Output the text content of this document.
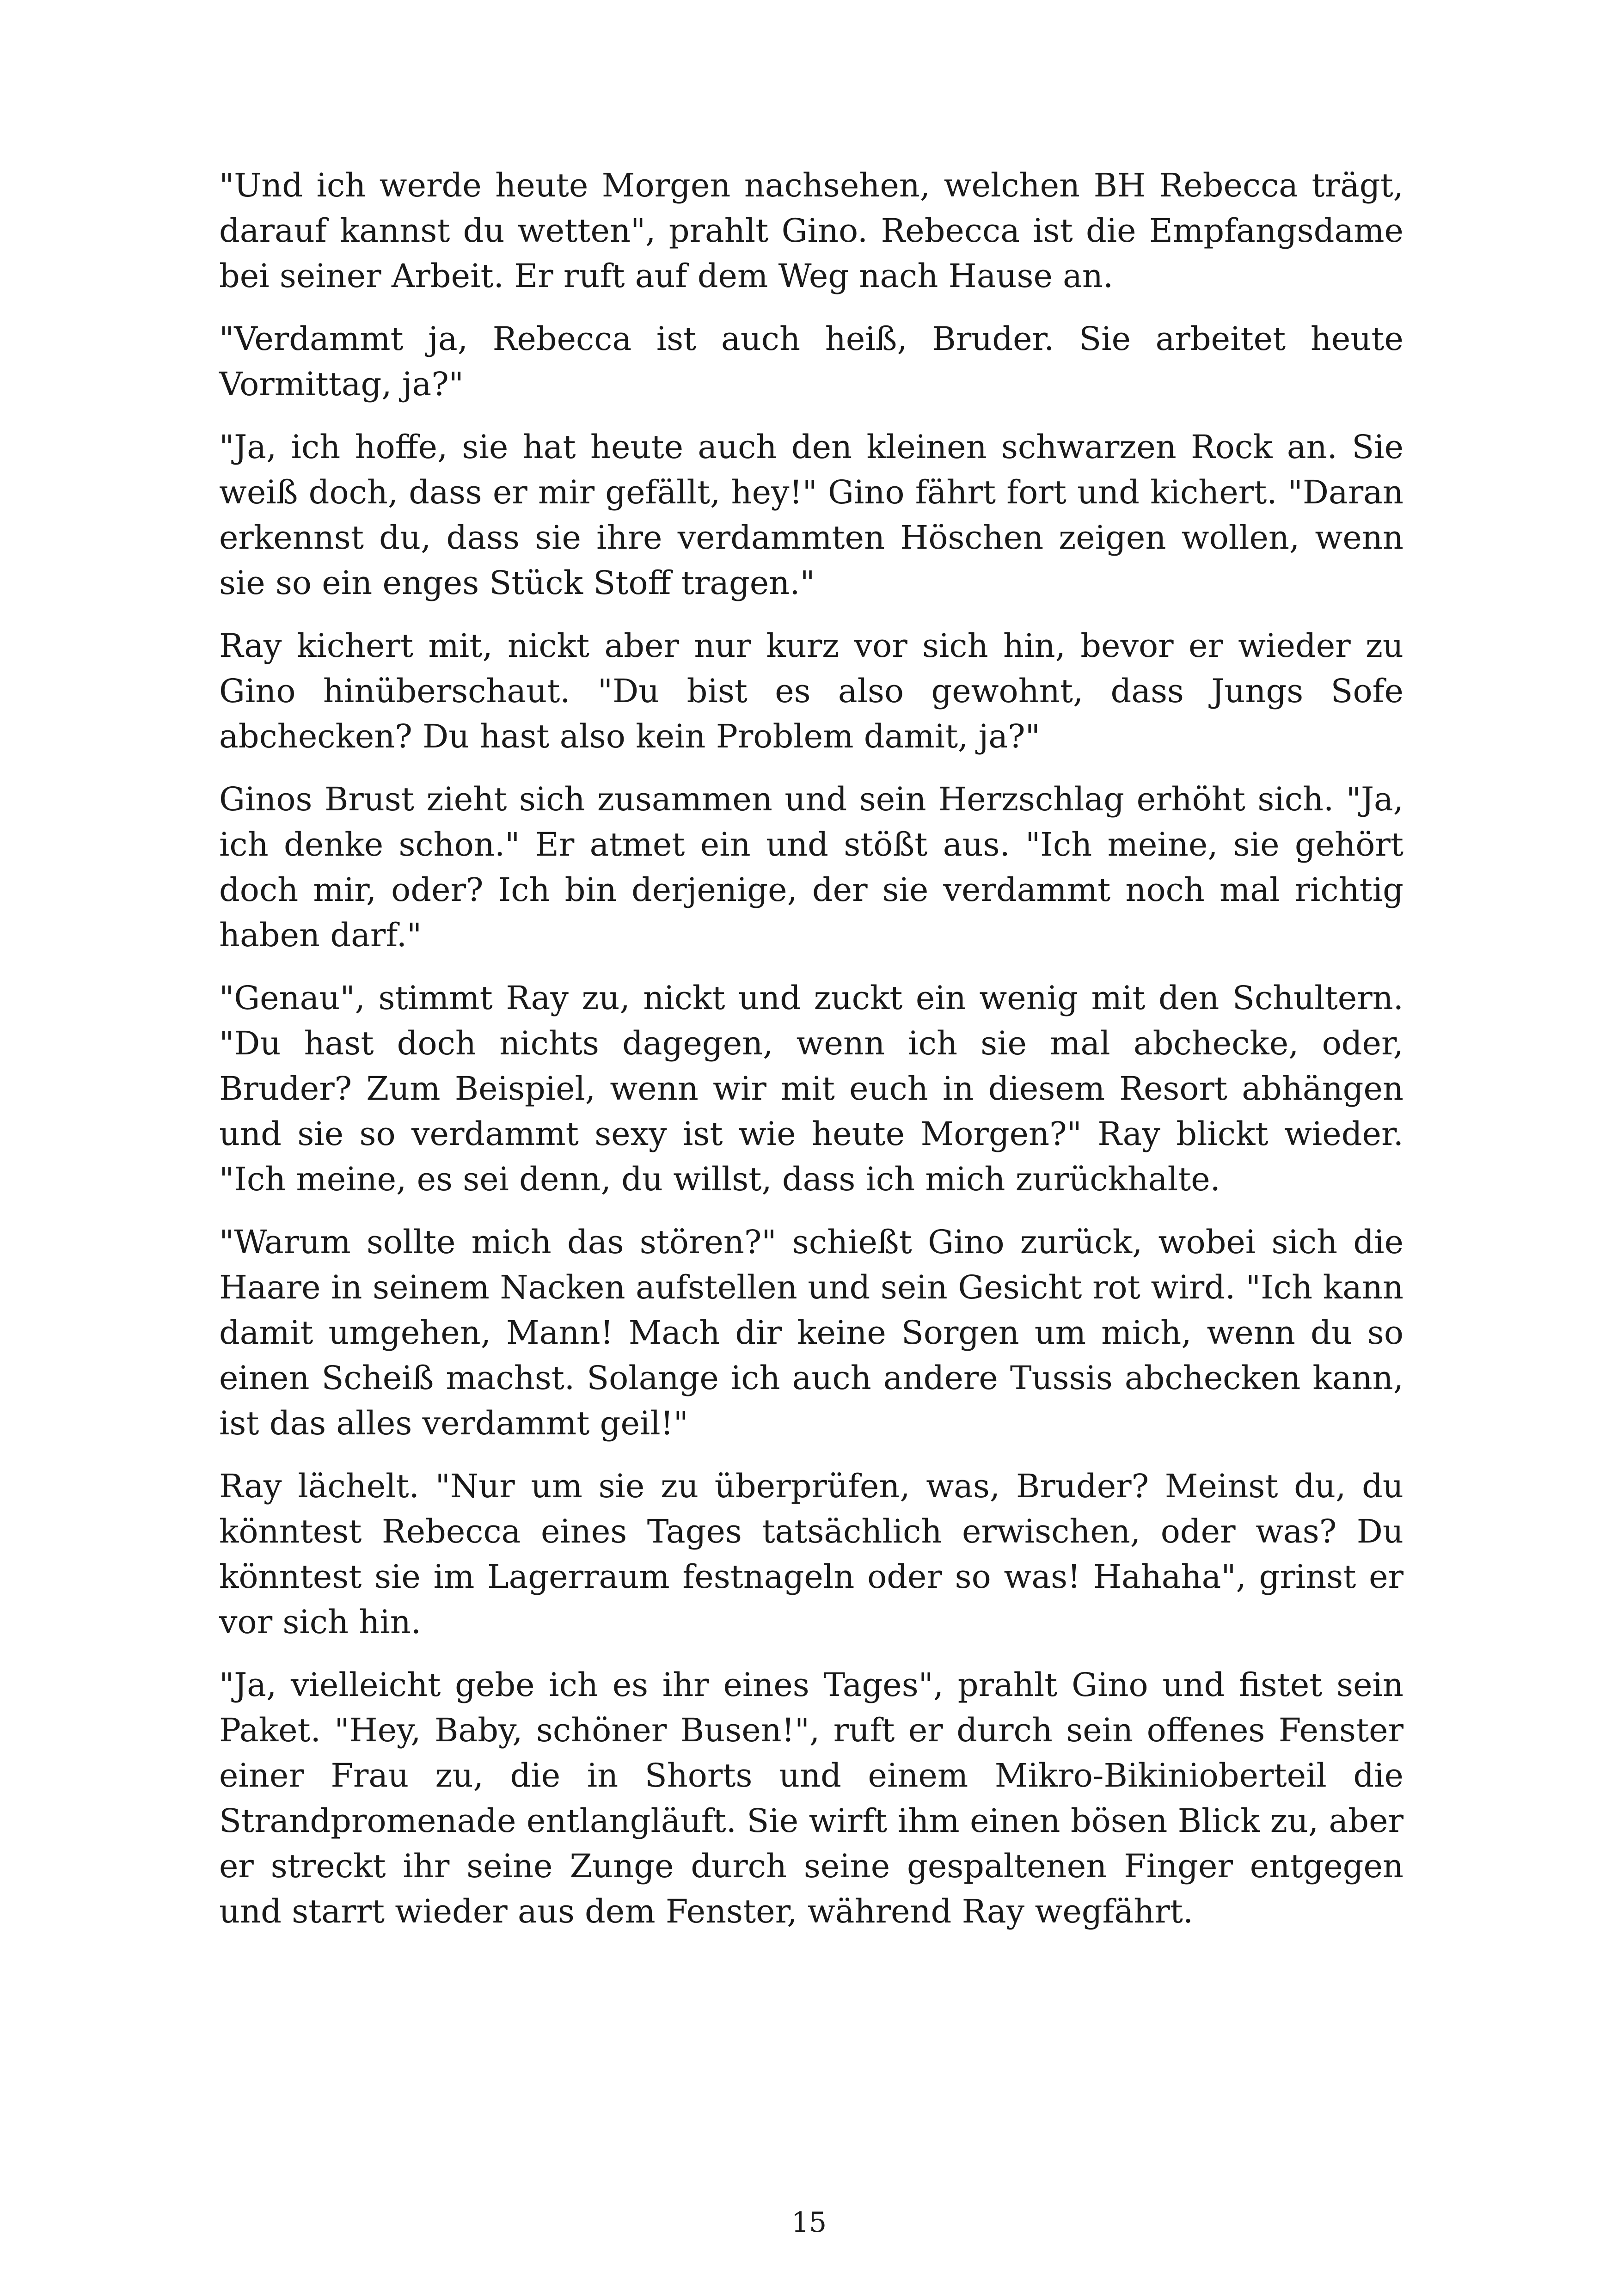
"Und ich werde heute Morgen nachsehen, welchen BH Rebecca trägt, darauf kannst du wetten", prahlt Gino. Rebecca ist die Empfangsdame bei seiner Arbeit. Er ruft auf dem Weg nach Hause an.

"Verdammt ja, Rebecca ist auch heiß, Bruder. Sie arbeitet heute Vormittag, ja?"

"Ja, ich hoffe, sie hat heute auch den kleinen schwarzen Rock an. Sie weiß doch, dass er mir gefällt, hey!" Gino fährt fort und kichert. "Daran erkennst du, dass sie ihre verdammten Höschen zeigen wollen, wenn sie so ein enges Stück Stoff tragen."

Ray kichert mit, nickt aber nur kurz vor sich hin, bevor er wieder zu Gino hinüberschaut. "Du bist es also gewohnt, dass Jungs Sofe abchecken? Du hast also kein Problem damit, ja?"

Ginos Brust zieht sich zusammen und sein Herzschlag erhöht sich. "Ja, ich denke schon." Er atmet ein und stößt aus. "Ich meine, sie gehört doch mir, oder? Ich bin derjenige, der sie verdammt noch mal richtig haben darf."

"Genau", stimmt Ray zu, nickt und zuckt ein wenig mit den Schultern. "Du hast doch nichts dagegen, wenn ich sie mal abchecke, oder, Bruder? Zum Beispiel, wenn wir mit euch in diesem Resort abhängen und sie so verdammt sexy ist wie heute Morgen?" Ray blickt wieder. "Ich meine, es sei denn, du willst, dass ich mich zurückhalte.

"Warum sollte mich das stören?" schießt Gino zurück, wobei sich die Haare in seinem Nacken aufstellen und sein Gesicht rot wird. "Ich kann damit umgehen, Mann! Mach dir keine Sorgen um mich, wenn du so einen Scheiß machst. Solange ich auch andere Tussis abchecken kann, ist das alles verdammt geil!"

Ray lächelt. "Nur um sie zu überprüfen, was, Bruder? Meinst du, du könntest Rebecca eines Tages tatsächlich erwischen, oder was? Du könntest sie im Lagerraum festnageln oder so was! Hahaha", grinst er vor sich hin.

"Ja, vielleicht gebe ich es ihr eines Tages", prahlt Gino und fistet sein Paket. "Hey, Baby, schöner Busen!", ruft er durch sein offenes Fenster einer Frau zu, die in Shorts und einem Mikro-Bikinioberteil die Strandpromenade entlangläuft. Sie wirft ihm einen bösen Blick zu, aber er streckt ihr seine Zunge durch seine gespaltenen Finger entgegen und starrt wieder aus dem Fenster, während Ray wegfährt.

15
